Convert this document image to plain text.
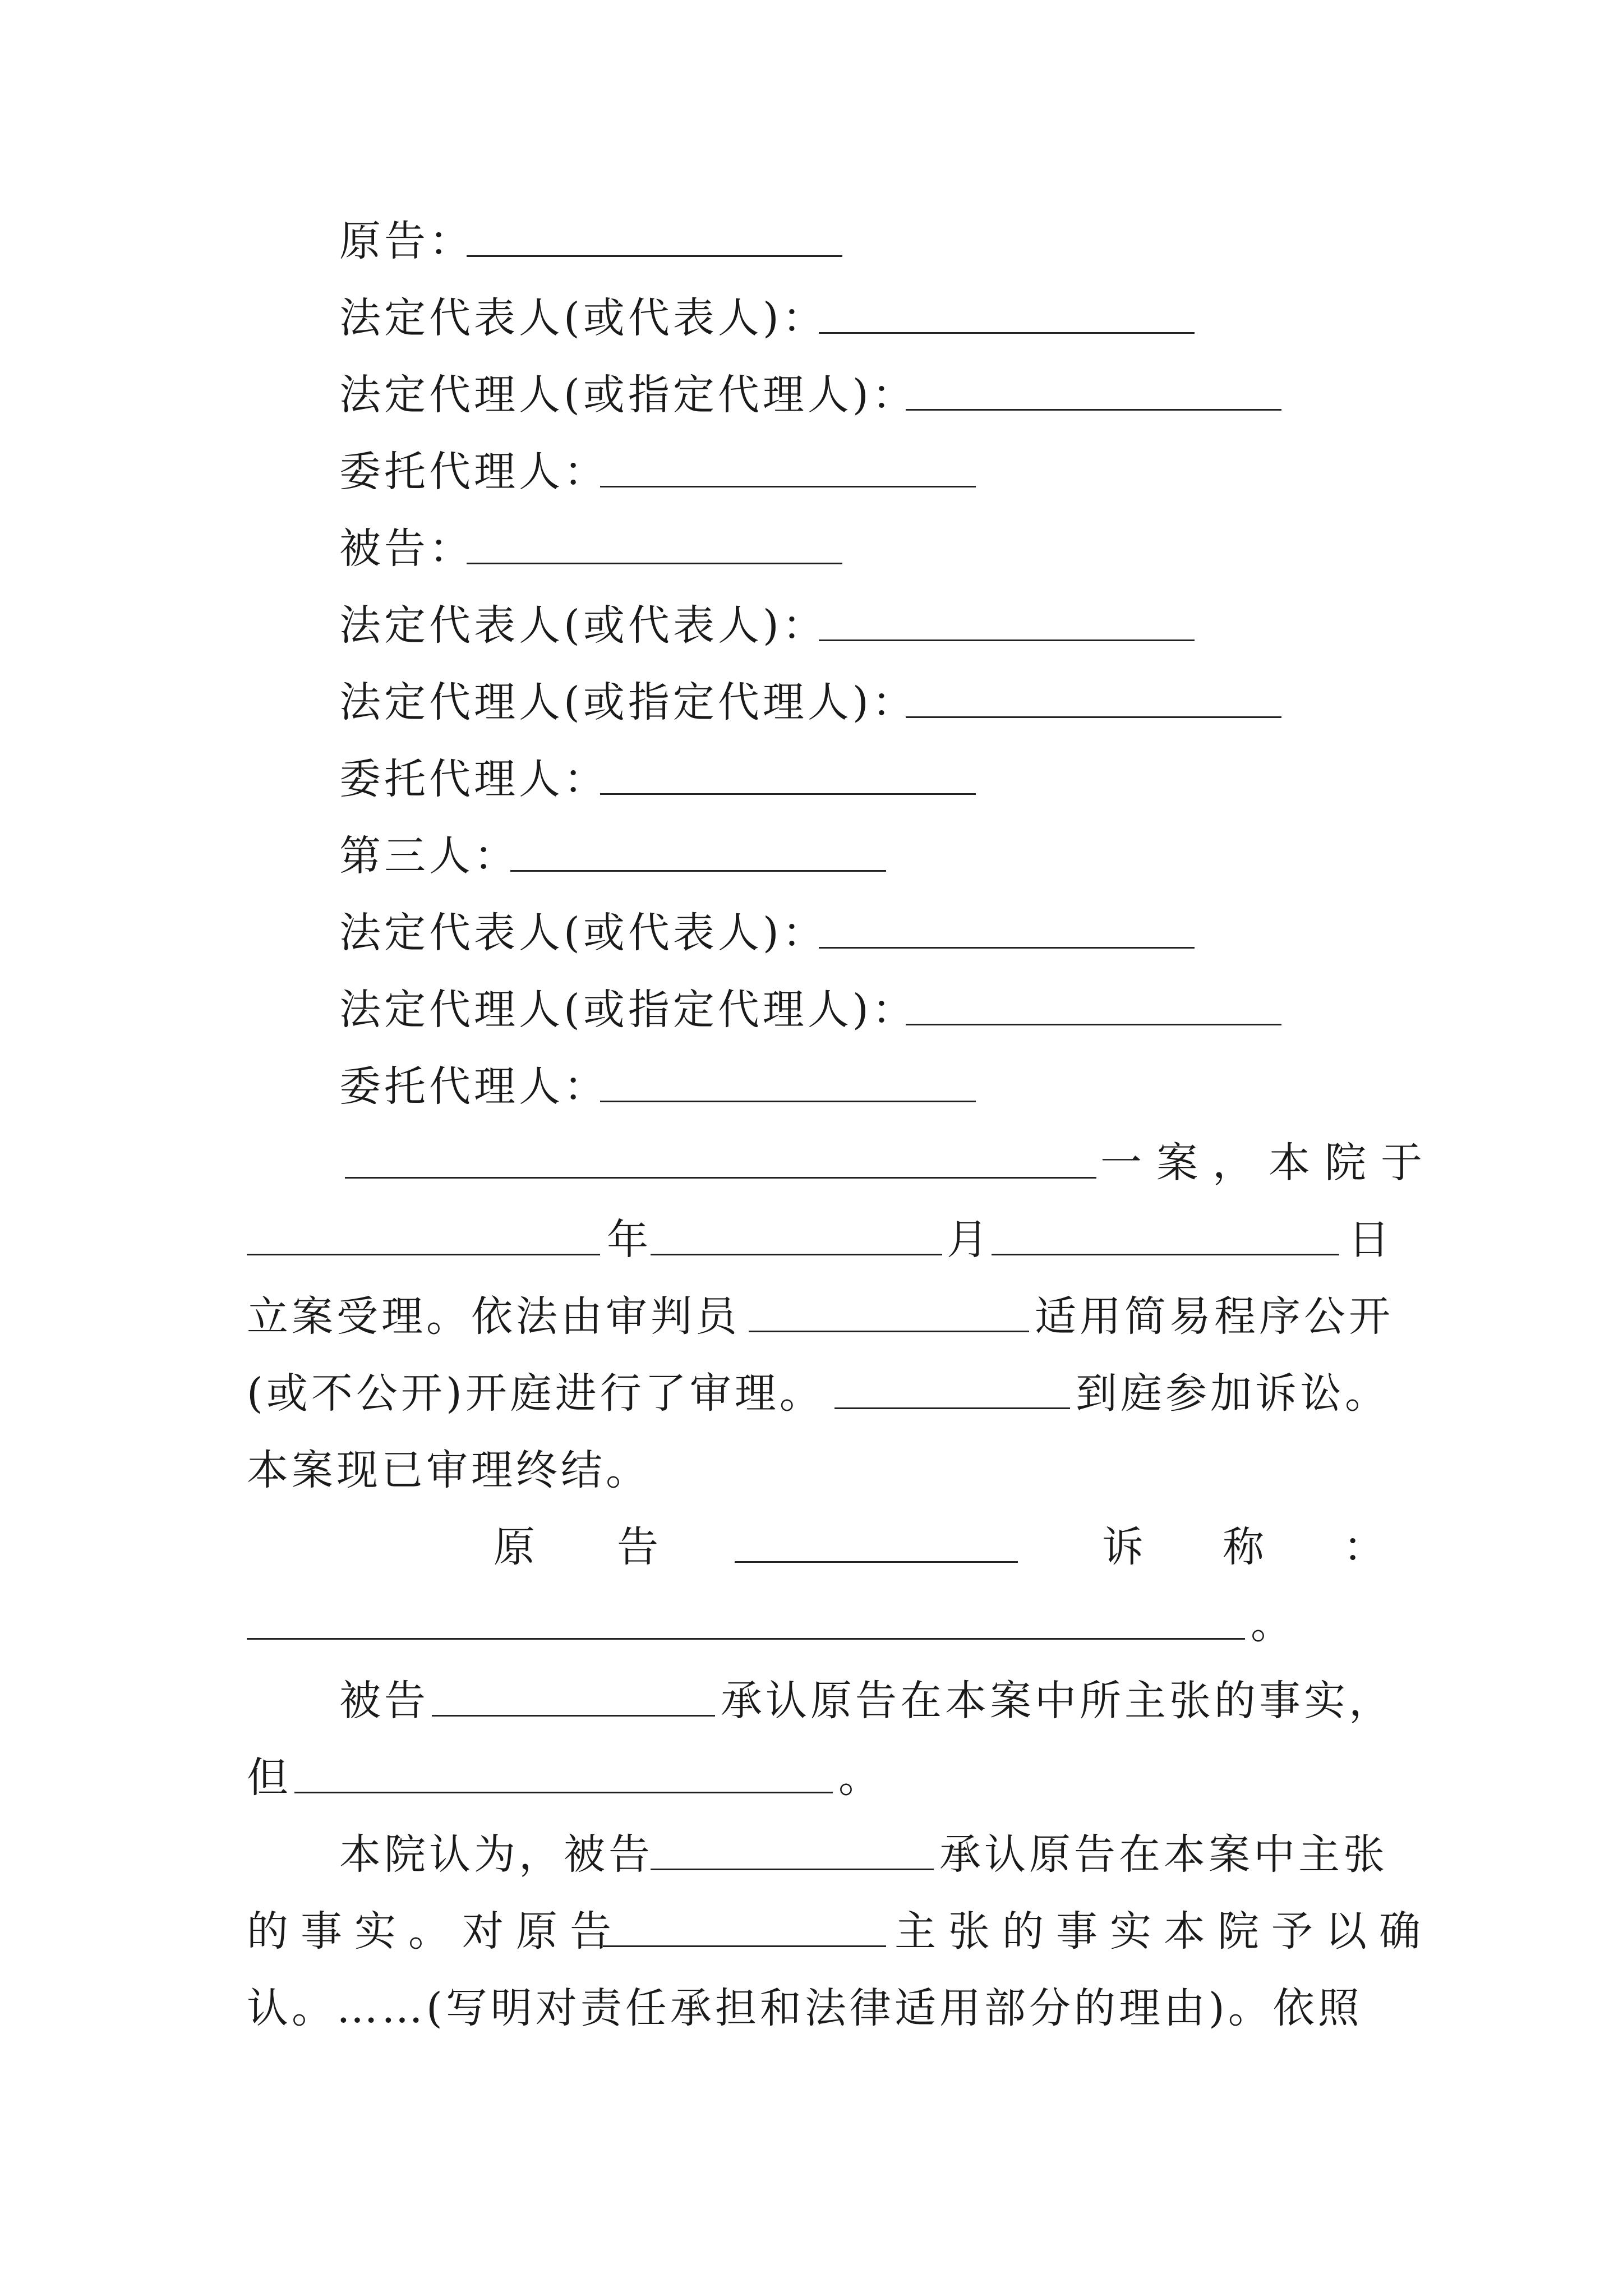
原告：
法定代表人(或代表人)：
法定代理人(或指定代理人)：
委托代理人：
被告：
法定代表人(或代表人)：
法定代理人(或指定代理人)：
委托代理人：
第三人：
法定代表人(或代表人)：
法定代理人(或指定代理人)：
委托代理人：
一案，本院于
年	月	日
立案受理。依法由审判员	适用简易程序公开
(或不公开)开庭进行了审理。	到庭参加诉讼。
本案现已审理终结。
原 告	诉 称 ：
。
被告	承认原告在本案中所主张的事实，
但	。
本院认为，被告	承认原告在本案中主张
的事实。对原告	主张的事实本院予以确
认。……(写明对责任承担和法律适用部分的理由)。依照
